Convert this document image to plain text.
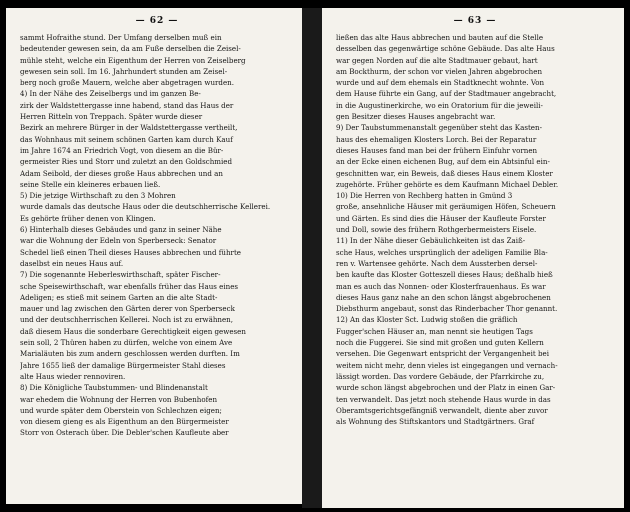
— 62 —
sammt Hofraithe stund. Der Umfang derselben muß ein
bedeutender gewesen sein, da am Fuße derselben die Zeisel-
mühle steht, welche ein Eigenthum der Herren von Zeiselberg
gewesen sein soll. Im 16. Jahrhundert stunden am Zeisel-
berg noch große Mauern, welche aber abgetragen wurden.
4) In der Nähe des Zeiselbergs und im ganzen Be-
zirk der Waldstettergasse inne habend, stand das Haus der
Herren Ritteln von Treppach. Später wurde dieser
Bezirk an mehrere Bürger in der Waldstettergasse vertheilt,
das Wohnhaus mit seinem schönen Garten kam durch Kauf
im Jahre 1674 an Friedrich Vogt, von diesem an die Bür-
germeister Ries und Storr und zuletzt an den Goldschmied
Adam Seibold, der dieses große Haus abbrechen und an
seine Stelle ein kleineres erbauen ließ.
5) Die jetzige Wirthschaft zu den 3 Mohren
wurde damals das deutsche Haus oder die deutschherrische Kellerei.
Es gehörte früher denen von Klingen.
6) Hinterhalb dieses Gebäudes und ganz in seiner Nähe
war die Wohnung der Edeln von Sperberseck: Senator
Schedel ließ einen Theil dieses Hauses abbrechen und führte
daselbst ein neues Haus auf.
7) Die sogenannte Heberleswirthschaft, später Fischer-
sche Speisewirthschaft, war ebenfalls früher das Haus eines
Adeligen; es stieß mit seinem Garten an die alte Stadt-
mauer und lag zwischen den Gärten derer von Sperberseck
und der deutschherrischen Kellerei. Noch ist zu erwähnen,
daß diesem Haus die sonderbare Gerechtigkeit eigen gewesen
sein soll, 2 Thüren haben zu dürfen, welche von einem Ave
Marialäuten bis zum andern geschlossen werden durften. Im
Jahre 1655 ließ der damalige Bürgermeister Stahl dieses
alte Haus wieder rennoviren.
8) Die Königliche Taubstummen- und Blindenanstalt
war ehedem die Wohnung der Herren von Bubenhofen
und wurde später dem Oberstein von Schlechzen eigen;
von diesem gieng es als Eigenthum an den Bürgermeister
Storr von Osterach über. Die Debler'schen Kaufleute aber
— 63 —
ließen das alte Haus abbrechen und bauten auf die Stelle
desselben das gegenwärtige schöne Gebäude. Das alte Haus
war gegen Norden auf die alte Stadtmauer gebaut, hart
am Bockthurm, der schon vor vielen Jahren abgebrochen
wurde und auf dem ehemals ein Stadtknecht wohnte. Von
dem Hause führte ein Gang, auf der Stadtmauer angebracht,
in die Augustinerkirche, wo ein Oratorium für die jeweili-
gen Besitzer dieses Hauses angebracht war.
9) Der Taubstummenanstalt gegenüber steht das Kasten-
haus des ehemaligen Klosters Lorch. Bei der Reparatur
dieses Hauses fand man bei der frühern Einfuhr vornen
an der Ecke einen eichenen Bug, auf dem ein Abtsinful ein-
geschnitten war, ein Beweis, daß dieses Haus einem Kloster
zugehörte. Früher gehörte es dem Kaufmann Michael Debler.
10) Die Herren von Rechberg hatten in Gmünd 3
große, ansehnliche Häuser mit geräumigen Höfen, Scheuern
und Gärten. Es sind dies die Häuser der Kaufleute Forster
und Doll, sowie des frühern Rothgerbermeisters Eisele.
11) In der Nähe dieser Gebäulichkeiten ist das Zaiß-
sche Haus, welches ursprünglich der adeligen Familie Bla-
ren v. Wartensee gehörte. Nach dem Aussterben dersel-
ben kaufte das Kloster Gotteszell dieses Haus; deßhalb hieß
man es auch das Nonnen- oder Klosterfrauenhaus. Es war
dieses Haus ganz nahe an den schon längst abgebrochenen
Diebsthurm angebaut, sonst das Rinderbacher Thor genannt.
12) An das Kloster Sct. Ludwig stoßen die gräflich
Fugger'schen Häuser an, man nennt sie heutigen Tags
noch die Fuggerei. Sie sind mit großen und guten Kellern
versehen. Die Gegenwart entspricht der Vergangenheit bei
weitem nicht mehr, denn vieles ist eingegangen und vernach-
lässigt worden. Das vordere Gebäude, der Pfarrkirche zu,
wurde schon längst abgebrochen und der Platz in einen Gar-
ten verwandelt. Das jetzt noch stehende Haus wurde in das
Oberamtsgerichtsgefängniß verwandelt, diente aber zuvor
als Wohnung des Stiftskantors und Stadtgärtners. Graf
